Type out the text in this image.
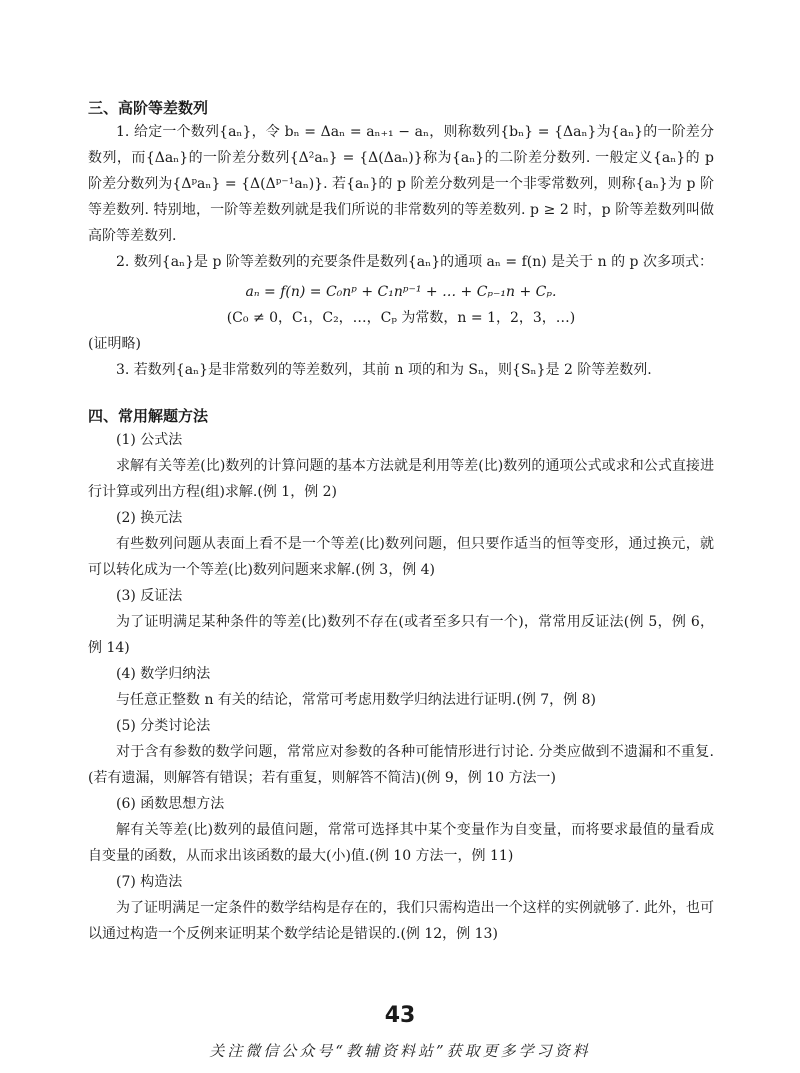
三、高阶等差数列

1. 给定一个数列{aₙ}，令 bₙ = Δaₙ = aₙ₊₁ − aₙ，则称数列{bₙ} = {Δaₙ}为{aₙ}的一阶差分数列，而{Δaₙ}的一阶差分数列{Δ²aₙ} = {Δ(Δaₙ)}称为{aₙ}的二阶差分数列. 一般定义{aₙ}的 p 阶差分数列为{Δᵖaₙ} = {Δ(Δᵖ⁻¹aₙ)}. 若{aₙ}的 p 阶差分数列是一个非零常数列，则称{aₙ}为 p 阶等差数列. 特别地，一阶等差数列就是我们所说的非常数列的等差数列. p ≥ 2 时，p 阶等差数列叫做高阶等差数列.

2. 数列{aₙ}是 p 阶等差数列的充要条件是数列{aₙ}的通项 aₙ = f(n) 是关于 n 的 p 次多项式：

aₙ = f(n) = C₀nᵖ + C₁nᵖ⁻¹ + … + Cₚ₋₁n + Cₚ.

(C₀ ≠ 0，C₁，C₂，…，Cₚ 为常数，n = 1，2，3，…)

(证明略)

3. 若数列{aₙ}是非常数列的等差数列，其前 n 项的和为 Sₙ，则{Sₙ}是 2 阶等差数列.

四、常用解题方法

(1) 公式法

求解有关等差(比)数列的计算问题的基本方法就是利用等差(比)数列的通项公式或求和公式直接进行计算或列出方程(组)求解.(例 1，例 2)

(2) 换元法

有些数列问题从表面上看不是一个等差(比)数列问题，但只要作适当的恒等变形，通过换元，就可以转化成为一个等差(比)数列问题来求解.(例 3，例 4)

(3) 反证法

为了证明满足某种条件的等差(比)数列不存在(或者至多只有一个)，常常用反证法(例 5，例 6，例 14)

(4) 数学归纳法

与任意正整数 n 有关的结论，常常可考虑用数学归纳法进行证明.(例 7，例 8)

(5) 分类讨论法

对于含有参数的数学问题，常常应对参数的各种可能情形进行讨论. 分类应做到不遗漏和不重复.(若有遗漏，则解答有错误；若有重复，则解答不简洁)(例 9，例 10 方法一)

(6) 函数思想方法

解有关等差(比)数列的最值问题，常常可选择其中某个变量作为自变量，而将要求最值的量看成自变量的函数，从而求出该函数的最大(小)值.(例 10 方法一，例 11)

(7) 构造法

为了证明满足一定条件的数学结构是存在的，我们只需构造出一个这样的实例就够了. 此外，也可以通过构造一个反例来证明某个数学结论是错误的.(例 12，例 13)

43
关注微信公众号“教辅资料站”获取更多学习资料
